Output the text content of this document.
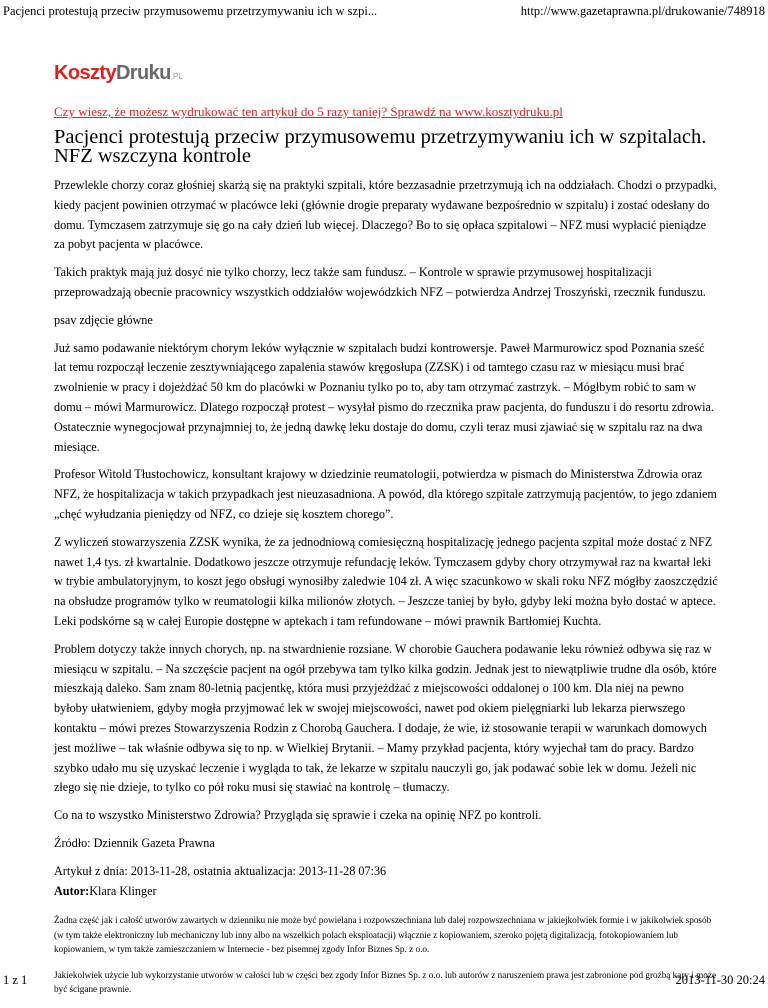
Pacjenci protestują przeciw przymusowemu przetrzymywaniu ich w szpi...	http://www.gazetaprawna.pl/drukowanie/748918
KosztyDruku.PL
Czy wiesz, że możesz wydrukować ten artykuł do 5 razy taniej? Sprawdź na www.kosztydruku.pl
Pacjenci protestują przeciw przymusowemu przetrzymywaniu ich w szpitalach. NFZ wszczyna kontrole

Przewlekle chorzy coraz głośniej skarżą się na praktyki szpitali, które bezzasadnie przetrzymują ich na oddziałach. Chodzi o przypadki, kiedy pacjent powinien otrzymać w placówce leki (głównie drogie preparaty wydawane bezpośrednio w szpitalu) i zostać odesłany do domu. Tymczasem zatrzymuje się go na cały dzień lub więcej. Dlaczego? Bo to się opłaca szpitalowi – NFZ musi wypłacić pieniądze za pobyt pacjenta w placówce.

Takich praktyk mają już dosyć nie tylko chorzy, lecz także sam fundusz. – Kontrole w sprawie przymusowej hospitalizacji przeprowadzają obecnie pracownicy wszystkich oddziałów wojewódzkich NFZ – potwierdza Andrzej Troszyński, rzecznik funduszu.

psav zdjęcie główne

Już samo podawanie niektórym chorym leków wyłącznie w szpitalach budzi kontrowersje. Paweł Marmurowicz spod Poznania sześć lat temu rozpoczął leczenie zesztywniającego zapalenia stawów kręgosłupa (ZZSK) i od tamtego czasu raz w miesiącu musi brać zwolnienie w pracy i dojeżdżać 50 km do placówki w Poznaniu tylko po to, aby tam otrzymać zastrzyk. – Mógłbym robić to sam w domu – mówi Marmurowicz. Dlatego rozpoczął protest – wysyłał pismo do rzecznika praw pacjenta, do funduszu i do resortu zdrowia. Ostatecznie wynegocjował przynajmniej to, że jedną dawkę leku dostaje do domu, czyli teraz musi zjawiać się w szpitalu raz na dwa miesiące.

Profesor Witold Tłustochowicz, konsultant krajowy w dziedzinie reumatologii, potwierdza w pismach do Ministerstwa Zdrowia oraz NFZ, że hospitalizacja w takich przypadkach jest nieuzasadniona. A powód, dla którego szpitale zatrzymują pacjentów, to jego zdaniem „chęć wyłudzania pieniędzy od NFZ, co dzieje się kosztem chorego”.

Z wyliczeń stowarzyszenia ZZSK wynika, że za jednodniową comiesięczną hospitalizację jednego pacjenta szpital może dostać z NFZ nawet 1,4 tys. zł kwartalnie. Dodatkowo jeszcze otrzymuje refundację leków. Tymczasem gdyby chory otrzymywał raz na kwartał leki w trybie ambulatoryjnym, to koszt jego obsługi wynosiłby zaledwie 104 zł. A więc szacunkowo w skali roku NFZ mógłby zaoszczędzić na obsłudze programów tylko w reumatologii kilka milionów złotych. – Jeszcze taniej by było, gdyby leki można było dostać w aptece. Leki podskórne są w całej Europie dostępne w aptekach i tam refundowane – mówi prawnik Bartłomiej Kuchta.

Problem dotyczy także innych chorych, np. na stwardnienie rozsiane. W chorobie Gauchera podawanie leku również odbywa się raz w miesiącu w szpitalu. – Na szczęście pacjent na ogół przebywa tam tylko kilka godzin. Jednak jest to niewątpliwie trudne dla osób, które mieszkają daleko. Sam znam 80-letnią pacjentkę, która musi przyjeżdżać z miejscowości oddalonej o 100 km. Dla niej na pewno byłoby ułatwieniem, gdyby mogła przyjmować lek w swojej miejscowości, nawet pod okiem pielęgniarki lub lekarza pierwszego kontaktu – mówi prezes Stowarzyszenia Rodzin z Chorobą Gauchera. I dodaje, że wie, iż stosowanie terapii w warunkach domowych jest możliwe – tak właśnie odbywa się to np. w Wielkiej Brytanii. – Mamy przykład pacjenta, który wyjechał tam do pracy. Bardzo szybko udało mu się uzyskać leczenie i wygląda to tak, że lekarze w szpitalu nauczyli go, jak podawać sobie lek w domu. Jeżeli nic złego się nie dzieje, to tylko co pół roku musi się stawiać na kontrolę – tłumaczy.

Co na to wszystko Ministerstwo Zdrowia? Przygląda się sprawie i czeka na opinię NFZ po kontroli.

Źródło: Dziennik Gazeta Prawna

Artykuł z dnia: 2013-11-28, ostatnia aktualizacja: 2013-11-28 07:36
Autor:Klara Klinger

Żadna część jak i całość utworów zawartych w dzienniku nie może być powielana i rozpowszechniana lub dalej rozpowszechniana w jakiejkolwiek formie i w jakikolwiek sposób (w tym także elektroniczny lub mechaniczny lub inny albo na wszelkich polach eksploatacji) włącznie z kopiowaniem, szeroko pojętą digitalizacją, fotokopiowaniem lub kopiowaniem, w tym także zamieszczaniem w Internecie - bez pisemnej zgody Infor Biznes Sp. z o.o.

Jakiekolwiek użycie lub wykorzystanie utworów w całości lub w części bez zgody Infor Biznes Sp. z o.o. lub autorów z naruszeniem prawa jest zabronione pod groźbą kary i może być ścigane prawnie.

1 z 1	2013-11-30 20:24
